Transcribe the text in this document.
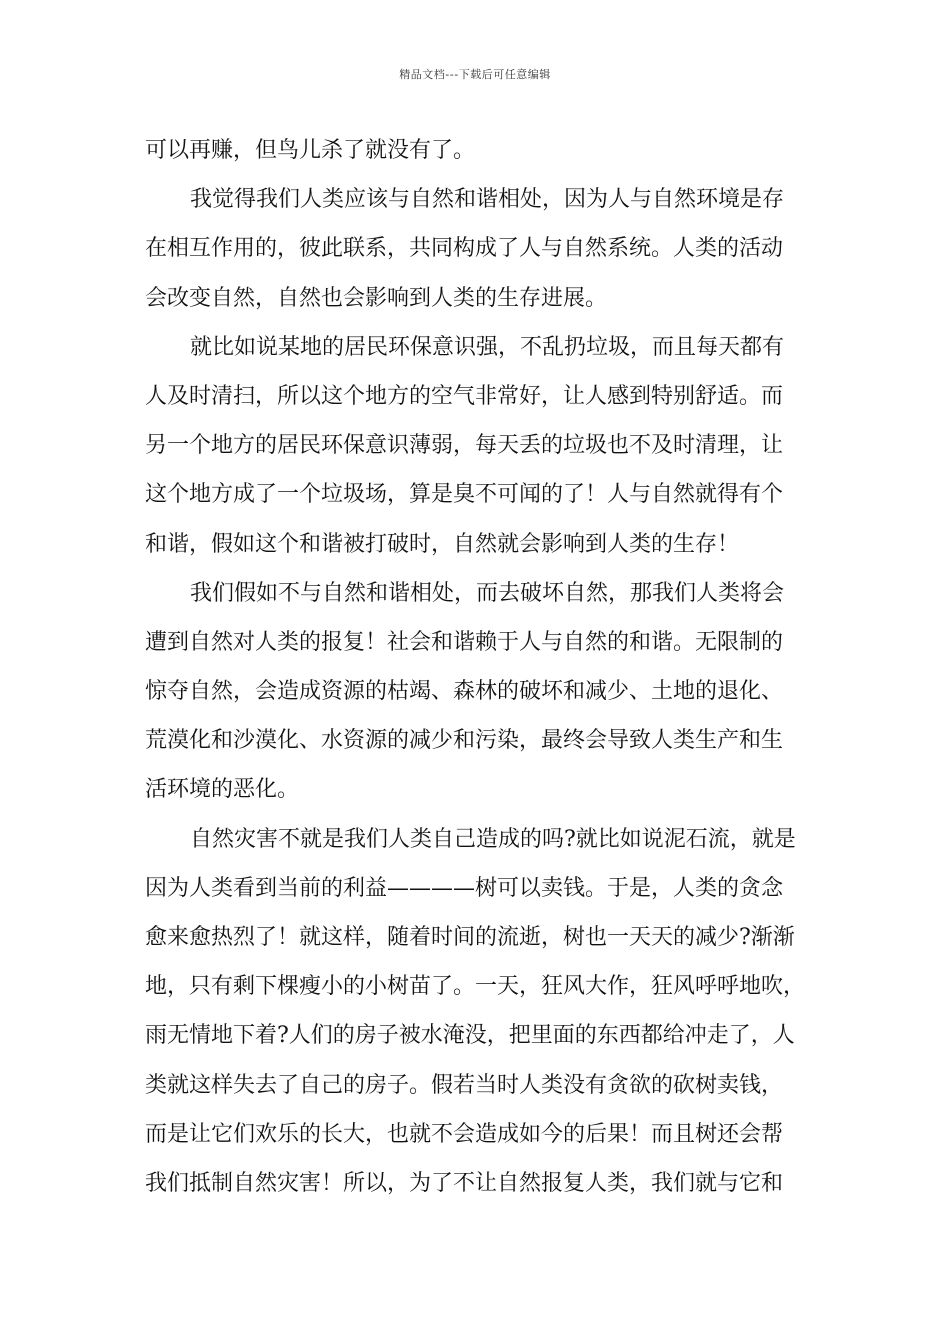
精品文档---下载后可任意编辑
可以再赚，但鸟儿杀了就没有了。
我觉得我们人类应该与自然和谐相处，因为人与自然环境是存
在相互作用的，彼此联系，共同构成了人与自然系统。人类的活动
会改变自然，自然也会影响到人类的生存进展。
就比如说某地的居民环保意识强，不乱扔垃圾，而且每天都有
人及时清扫，所以这个地方的空气非常好，让人感到特别舒适。而
另一个地方的居民环保意识薄弱，每天丢的垃圾也不及时清理，让
这个地方成了一个垃圾场，算是臭不可闻的了！人与自然就得有个
和谐，假如这个和谐被打破时，自然就会影响到人类的生存！
我们假如不与自然和谐相处，而去破坏自然，那我们人类将会
遭到自然对人类的报复！社会和谐赖于人与自然的和谐。无限制的
惊夺自然，会造成资源的枯竭、森林的破坏和减少、土地的退化、
荒漠化和沙漠化、水资源的减少和污染，最终会导致人类生产和生
活环境的恶化。
自然灾害不就是我们人类自己造成的吗?就比如说泥石流，就是
因为人类看到当前的利益————树可以卖钱。于是，人类的贪念
愈来愈热烈了！就这样，随着时间的流逝，树也一天天的减少?渐渐
地，只有剩下棵瘦小的小树苗了。一天，狂风大作，狂风呼呼地吹，
雨无情地下着?人们的房子被水淹没，把里面的东西都给冲走了，人
类就这样失去了自己的房子。假若当时人类没有贪欲的砍树卖钱，
而是让它们欢乐的长大，也就不会造成如今的后果！而且树还会帮
我们抵制自然灾害！所以，为了不让自然报复人类，我们就与它和
